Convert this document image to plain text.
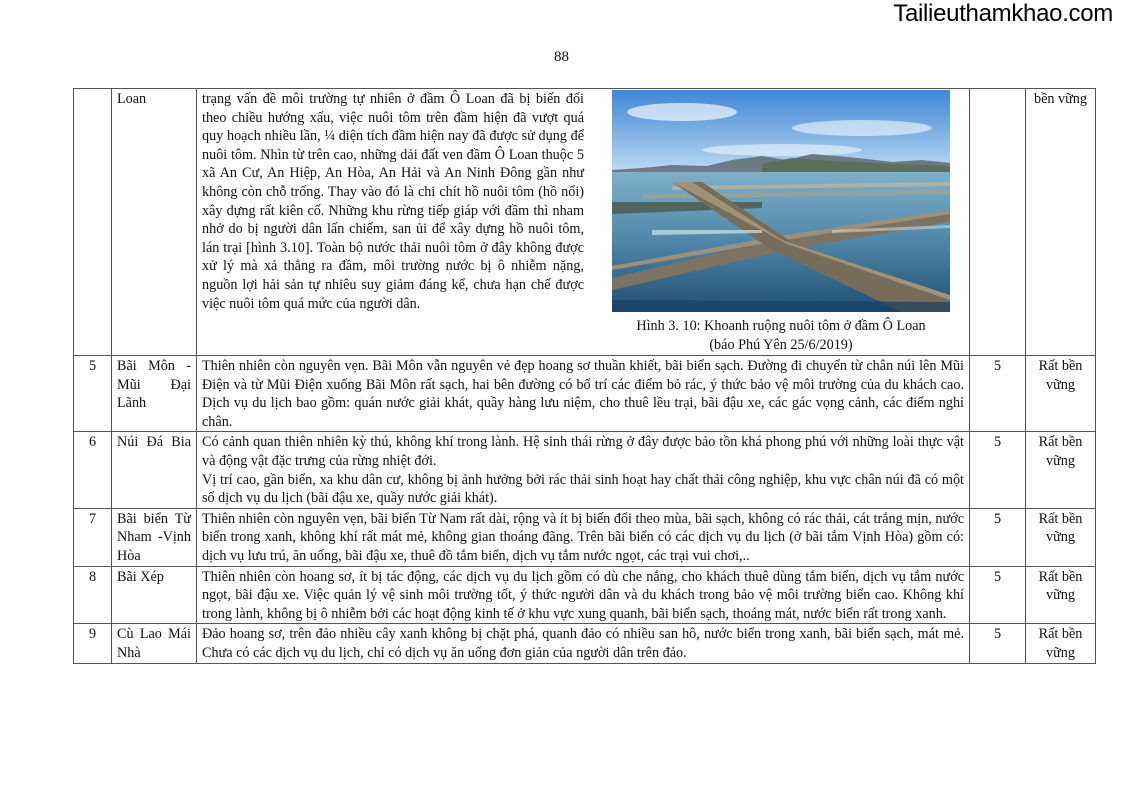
Tailieuthamkhao.com
88
	Loan	trạng vấn đề môi trường tự nhiên ở đầm Ô Loan đã bị biến đổi theo chiều hướng xấu, việc nuôi tôm trên đầm hiện đã vượt quá quy hoạch nhiều lần, ¼ diện tích đầm hiện nay đã được sử dụng để nuôi tôm. Nhìn từ trên cao, những dải đất ven đầm Ô Loan thuộc 5 xã An Cư, An Hiệp, An Hòa, An Hải và An Ninh Đông gần như không còn chỗ trống. Thay vào đó là chi chít hồ nuôi tôm (hồ nổi) xây dựng rất kiên cố. Những khu rừng tiếp giáp với đầm thì nham nhở do bị người dân lấn chiếm, san ủi để xây dựng hồ nuôi tôm, lán trại [hình 3.10]. Toàn bộ nước thải nuôi tôm ở đây không được xử lý mà xả thẳng ra đầm, môi trường nước bị ô nhiễm nặng, nguồn lợi hải sản tự nhiêu suy giảm đáng kể, chưa hạn chế được việc nuôi tôm quá mức của người dân.
Hình 3. 10: Khoanh ruộng nuôi tôm ở đầm Ô Loan
(báo Phú Yên 25/6/2019)		bền vững
5	Bãi Môn - Mũi Đại Lãnh	Thiên nhiên còn nguyên vẹn. Bãi Môn vẫn nguyên vẻ đẹp hoang sơ thuần khiết, bãi biển sạch. Đường đi chuyển từ chân núi lên Mũi Điện và từ Mũi Điện xuống Bãi Môn rất sạch, hai bên đường có bố trí các điểm bỏ rác, ý thức bảo vệ môi trường của du khách cao. Dịch vụ du lịch bao gồm: quán nước giải khát, quầy hàng lưu niệm, cho thuê lều trại, bãi đậu xe, các gác vọng cảnh, các điểm nghỉ chân.	5	Rất bền vững
6	Núi Đá Bia	Có cảnh quan thiên nhiên kỳ thú, không khí trong lành. Hệ sinh thái rừng ở đây được bảo tồn khá phong phú với những loài thực vật và động vật đặc trưng của rừng nhiệt đới.
Vị trí cao, gần biển, xa khu dân cư, không bị ảnh hưởng bởi rác thải sinh hoạt hay chất thải công nghiệp, khu vực chân núi đã có một số dịch vụ du lịch (bãi đậu xe, quầy nước giải khát).	5	Rất bền vững
7	Bãi biển Từ Nham -Vịnh Hòa	Thiên nhiên còn nguyên vẹn, bãi biển Từ Nam rất dài, rộng và ít bị biến đổi theo mùa, bãi sạch, không có rác thải, cát trắng mịn, nước biển trong xanh, không khí rất mát mẻ, không gian thoáng đãng. Trên bãi biển có các dịch vụ du lịch (ở bãi tắm Vịnh Hòa) gồm có: dịch vụ lưu trú, ăn uống, bãi đậu xe, thuê đồ tắm biển, dịch vụ tắm nước ngọt, các trại vui chơi,..	5	Rất bền vững
8	Bãi Xép	Thiên nhiên còn hoang sơ, ít bị tác động, các dịch vụ du lịch gồm có dù che nắng, cho khách thuê dùng tắm biển, dịch vụ tắm nước ngọt, bãi đậu xe. Việc quản lý vệ sinh môi trường tốt, ý thức người dân và du khách trong bảo vệ môi trường biển cao. Không khí trong lành, không bị ô nhiễm bởi các hoạt động kinh tế ở khu vực xung quanh, bãi biển sạch, thoáng mát, nước biển rất trong xanh.	5	Rất bền vững
9	Cù Lao Mái Nhà	Đảo hoang sơ, trên đảo nhiều cây xanh không bị chặt phá, quanh đảo có nhiều san hô, nước biển trong xanh, bãi biển sạch, mát mẻ. Chưa có các dịch vụ du lịch, chỉ có dịch vụ ăn uống đơn giản của người dân trên đảo.	5	Rất bền vững
